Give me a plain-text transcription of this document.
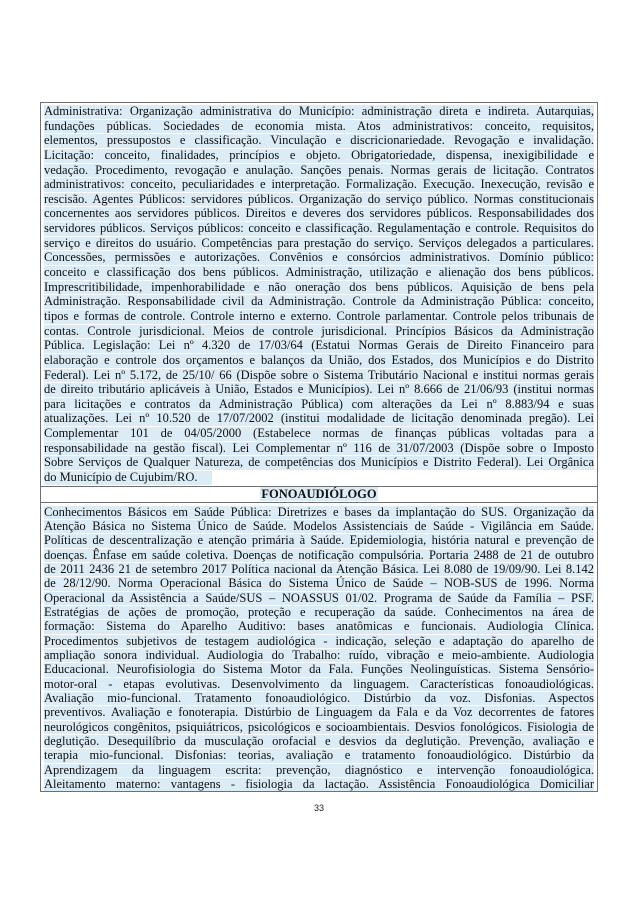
Administrativa: Organização administrativa do Município: administração direta e indireta. Autarquias,
fundações públicas. Sociedades de economia mista. Atos administrativos: conceito, requisitos,
elementos, pressupostos e classificação. Vinculação e discricionariedade. Revogação e invalidação.
Licitação: conceito, finalidades, princípios e objeto. Obrigatoriedade, dispensa, inexigibilidade e
vedação. Procedimento, revogação e anulação. Sanções penais. Normas gerais de licitação. Contratos
administrativos: conceito, peculiaridades e interpretação. Formalização. Execução. Inexecução, revisão e
rescisão. Agentes Públicos: servidores públicos. Organização do serviço público. Normas constitucionais
concernentes aos servidores públicos. Direitos e deveres dos servidores públicos. Responsabilidades dos
servidores públicos. Serviços públicos: conceito e classificação. Regulamentação e controle. Requisitos do
serviço e direitos do usuário. Competências para prestação do serviço. Serviços delegados a particulares.
Concessões, permissões e autorizações. Convênios e consórcios administrativos. Domínio público:
conceito e classificação dos bens públicos. Administração, utilização e alienação dos bens públicos.
Imprescritibilidade, impenhorabilidade e não oneração dos bens públicos. Aquisição de bens pela
Administração. Responsabilidade civil da Administração. Controle da Administração Pública: conceito,
tipos e formas de controle. Controle interno e externo. Controle parlamentar. Controle pelos tribunais de
contas. Controle jurisdicional. Meios de controle jurisdicional. Princípios Básicos da Administração
Pública. Legislação: Lei nº 4.320 de 17/03/64 (Estatui Normas Gerais de Direito Financeiro para
elaboração e controle dos orçamentos e balanços da União, dos Estados, dos Municípios e do Distrito
Federal). Lei nº 5.172, de 25/10/ 66 (Dispõe sobre o Sistema Tributário Nacional e institui normas gerais
de direito tributário aplicáveis à União, Estados e Municípios). Lei nº 8.666 de 21/06/93 (institui normas
para licitações e contratos da Administração Pública) com alterações da Lei nº 8.883/94 e suas
atualizações. Lei nº 10.520 de 17/07/2002 (institui modalidade de licitação denominada pregão). Lei
Complementar 101 de 04/05/2000 (Estabelece normas de finanças públicas voltadas para a
responsabilidade na gestão fiscal). Lei Complementar nº 116 de 31/07/2003 (Dispõe sobre o Imposto
Sobre Serviços de Qualquer Natureza, de competências dos Municípios e Distrito Federal). Lei Orgânica
do Município de Cujubim/RO.
FONOAUDIÓLOGO
Conhecimentos Básicos em Saúde Pública: Diretrizes e bases da implantação do SUS. Organização da
Atenção Básica no Sistema Único de Saúde. Modelos Assistenciais de Saúde - Vigilância em Saúde.
Políticas de descentralização e atenção primária à Saúde. Epidemiologia, história natural e prevenção de
doenças. Ênfase em saúde coletiva. Doenças de notificação compulsória. Portaria 2488 de 21 de outubro
de 2011 2436 21 de setembro 2017 Política nacional da Atenção Básica. Lei 8.080 de 19/09/90. Lei 8.142
de 28/12/90. Norma Operacional Básica do Sistema Único de Saúde – NOB-SUS de 1996. Norma
Operacional da Assistência a Saúde/SUS – NOASSUS 01/02. Programa de Saúde da Família – PSF.
Estratégias de ações de promoção, proteção e recuperação da saúde. Conhecimentos na área de
formação: Sistema do Aparelho Auditivo: bases anatômicas e funcionais. Audiologia Clínica.
Procedimentos subjetivos de testagem audiológica - indicação, seleção e adaptação do aparelho de
ampliação sonora individual. Audiologia do Trabalho: ruído, vibração e meio-ambiente. Audiologia
Educacional. Neurofisiologia do Sistema Motor da Fala. Funções Neolinguísticas. Sistema Sensório-
motor-oral - etapas evolutivas. Desenvolvimento da linguagem. Características fonoaudiológicas.
Avaliação mio-funcional. Tratamento fonoaudiológico. Distúrbio da voz. Disfonias. Aspectos
preventivos. Avaliação e fonoterapia. Distúrbio de Linguagem da Fala e da Voz decorrentes de fatores
neurológicos congênitos, psiquiátricos, psicológicos e socioambientais. Desvios fonológicos. Fisiologia de
deglutição. Desequilíbrio da musculação orofacial e desvios da deglutição. Prevenção, avaliação e
terapia mio-funcional. Disfonias: teorias, avaliação e tratamento fonoaudiológico. Distúrbio da
Aprendizagem da linguagem escrita: prevenção, diagnóstico e intervenção fonoaudiológica.
Aleitamento materno: vantagens - fisiologia da lactação. Assistência Fonoaudiológica Domiciliar
33
